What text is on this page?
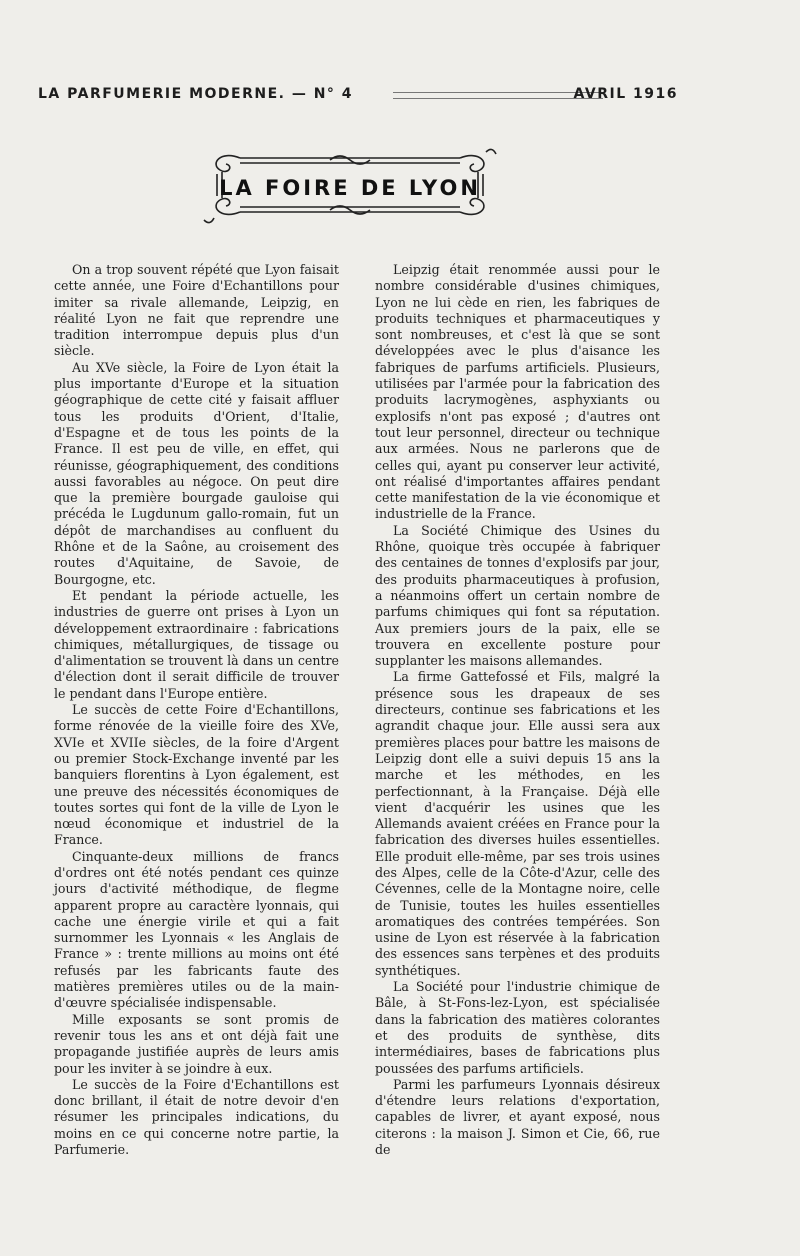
LA PARFUMERIE MODERNE. — N° 4	AVRIL 1916
LA FOIRE DE LYON

On a trop souvent répété que Lyon faisait cette année, une Foire d'Echantillons pour imiter sa rivale allemande, Leipzig, en réalité Lyon ne fait que reprendre une tradition interrompue depuis plus d'un siècle.

Au XVe siècle, la Foire de Lyon était la plus importante d'Europe et la situation géographique de cette cité y faisait affluer tous les produits d'Orient, d'Italie, d'Espagne et de tous les points de la France. Il est peu de ville, en effet, qui réunisse, géographiquement, des conditions aussi favorables au négoce. On peut dire que la première bourgade gauloise qui précéda le Lugdunum gallo-romain, fut un dépôt de marchandises au confluent du Rhône et de la Saône, au croisement des routes d'Aquitaine, de Savoie, de Bourgogne, etc.

Et pendant la période actuelle, les industries de guerre ont prises à Lyon un développement extraordinaire : fabrications chimiques, métallurgiques, de tissage ou d'alimentation se trouvent là dans un centre d'élection dont il serait difficile de trouver le pendant dans l'Europe entière.

Le succès de cette Foire d'Echantillons, forme rénovée de la vieille foire des XVe, XVIe et XVIIe siècles, de la foire d'Argent ou premier Stock-Exchange inventé par les banquiers florentins à Lyon également, est une preuve des nécessités économiques de toutes sortes qui font de la ville de Lyon le nœud économique et industriel de la France.

Cinquante-deux millions de francs d'ordres ont été notés pendant ces quinze jours d'activité méthodique, de flegme apparent propre au caractère lyonnais, qui cache une énergie virile et qui a fait surnommer les Lyonnais « les Anglais de France » : trente millions au moins ont été refusés par les fabricants faute des matières premières utiles ou de la main-d'œuvre spécialisée indispensable.

Mille exposants se sont promis de revenir tous les ans et ont déjà fait une propagande justifiée auprès de leurs amis pour les inviter à se joindre à eux.

Le succès de la Foire d'Echantillons est donc brillant, il était de notre devoir d'en résumer les principales indications, du moins en ce qui concerne notre partie, la Parfumerie.

Leipzig était renommée aussi pour le nombre considérable d'usines chimiques, Lyon ne lui cède en rien, les fabriques de produits techniques et pharmaceutiques y sont nombreuses, et c'est là que se sont développées avec le plus d'aisance les fabriques de parfums artificiels. Plusieurs, utilisées par l'armée pour la fabrication des produits lacrymogènes, asphyxiants ou explosifs n'ont pas exposé ; d'autres ont tout leur personnel, directeur ou technique aux armées. Nous ne parlerons que de celles qui, ayant pu conserver leur activité, ont réalisé d'importantes affaires pendant cette manifestation de la vie économique et industrielle de la France.

La Société Chimique des Usines du Rhône, quoique très occupée à fabriquer des centaines de tonnes d'explosifs par jour, des produits pharmaceutiques à profusion, a néanmoins offert un certain nombre de parfums chimiques qui font sa réputation. Aux premiers jours de la paix, elle se trouvera en excellente posture pour supplanter les maisons allemandes.

La firme Gattefossé et Fils, malgré la présence sous les drapeaux de ses directeurs, continue ses fabrications et les agrandit chaque jour. Elle aussi sera aux premières places pour battre les maisons de Leipzig dont elle a suivi depuis 15 ans la marche et les méthodes, en les perfectionnant, à la Française. Déjà elle vient d'acquérir les usines que les Allemands avaient créées en France pour la fabrication des diverses huiles essentielles. Elle produit elle-même, par ses trois usines des Alpes, celle de la Côte-d'Azur, celle des Cévennes, celle de la Montagne noire, celle de Tunisie, toutes les huiles essentielles aromatiques des contrées tempérées. Son usine de Lyon est réservée à la fabrication des essences sans terpènes et des produits synthétiques.

La Société pour l'industrie chimique de Bâle, à St-Fons-lez-Lyon, est spécialisée dans la fabrication des matières colorantes et des produits de synthèse, dits intermédiaires, bases de fabrications plus poussées des parfums artificiels.

Parmi les parfumeurs Lyonnais désireux d'étendre leurs relations d'exportation, capables de livrer, et ayant exposé, nous citerons : la maison J. Simon et Cie, 66, rue de
